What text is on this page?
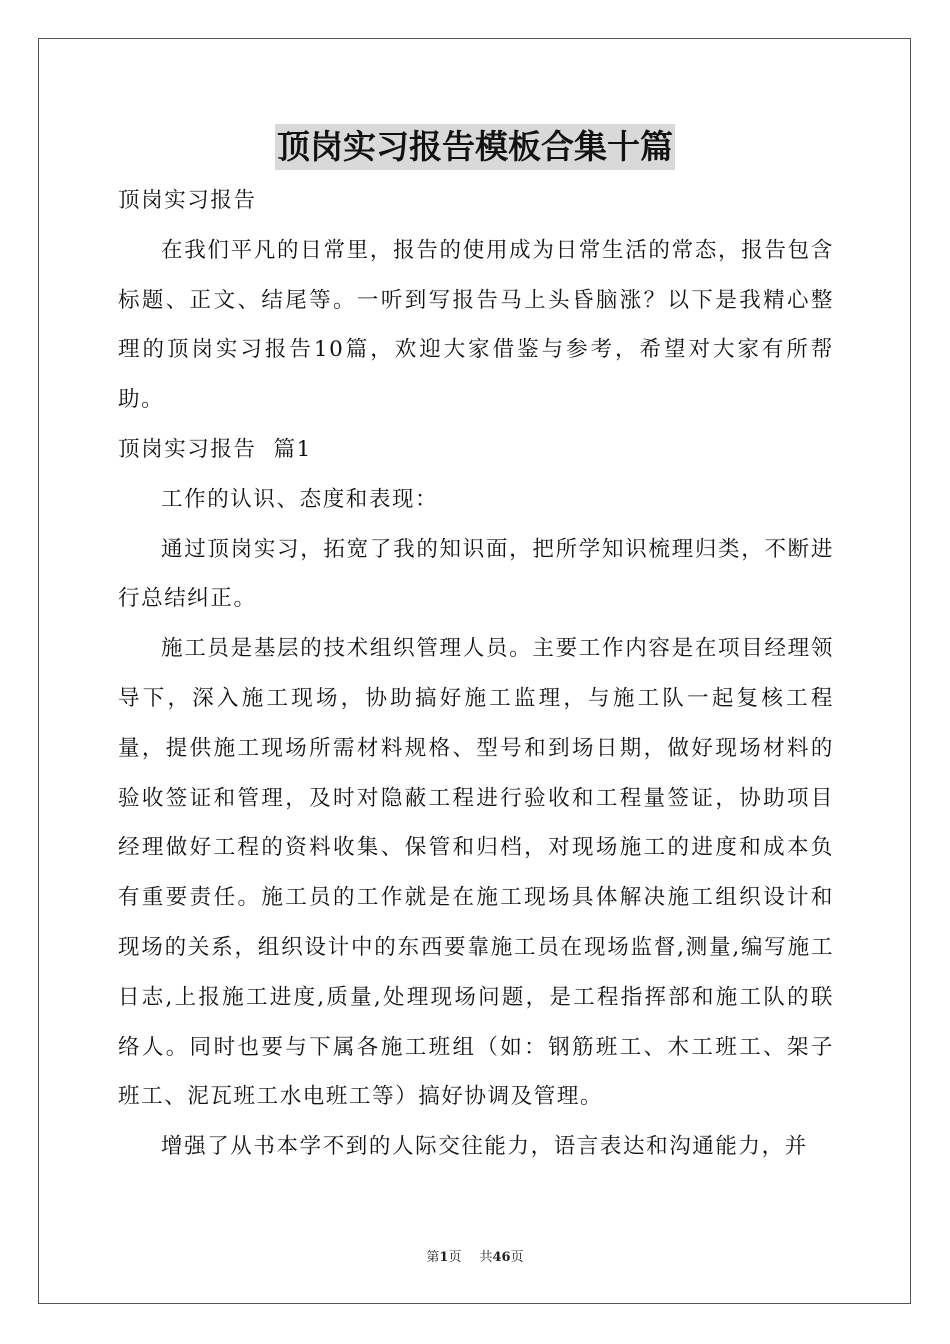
顶岗实习报告模板合集十篇

顶岗实习报告

在我们平凡的日常里，报告的使用成为日常生活的常态，报告包含标题、正文、结尾等。一听到写报告马上头昏脑涨？以下是我精心整理的顶岗实习报告10篇，欢迎大家借鉴与参考，希望对大家有所帮助。

顶岗实习报告  篇1

工作的认识、态度和表现：

通过顶岗实习，拓宽了我的知识面，把所学知识梳理归类，不断进行总结纠正。

施工员是基层的技术组织管理人员。主要工作内容是在项目经理领导下，深入施工现场，协助搞好施工监理，与施工队一起复核工程量，提供施工现场所需材料规格、型号和到场日期，做好现场材料的验收签证和管理，及时对隐蔽工程进行验收和工程量签证，协助项目经理做好工程的资料收集、保管和归档，对现场施工的进度和成本负有重要责任。施工员的工作就是在施工现场具体解决施工组织设计和现场的关系，组织设计中的东西要靠施工员在现场监督,测量,编写施工日志,上报施工进度,质量,处理现场问题，是工程指挥部和施工队的联络人。同时也要与下属各施工班组（如：钢筋班工、木工班工、架子班工、泥瓦班工水电班工等）搞好协调及管理。

增强了从书本学不到的人际交往能力，语言表达和沟通能力，并

第1页 共46页
